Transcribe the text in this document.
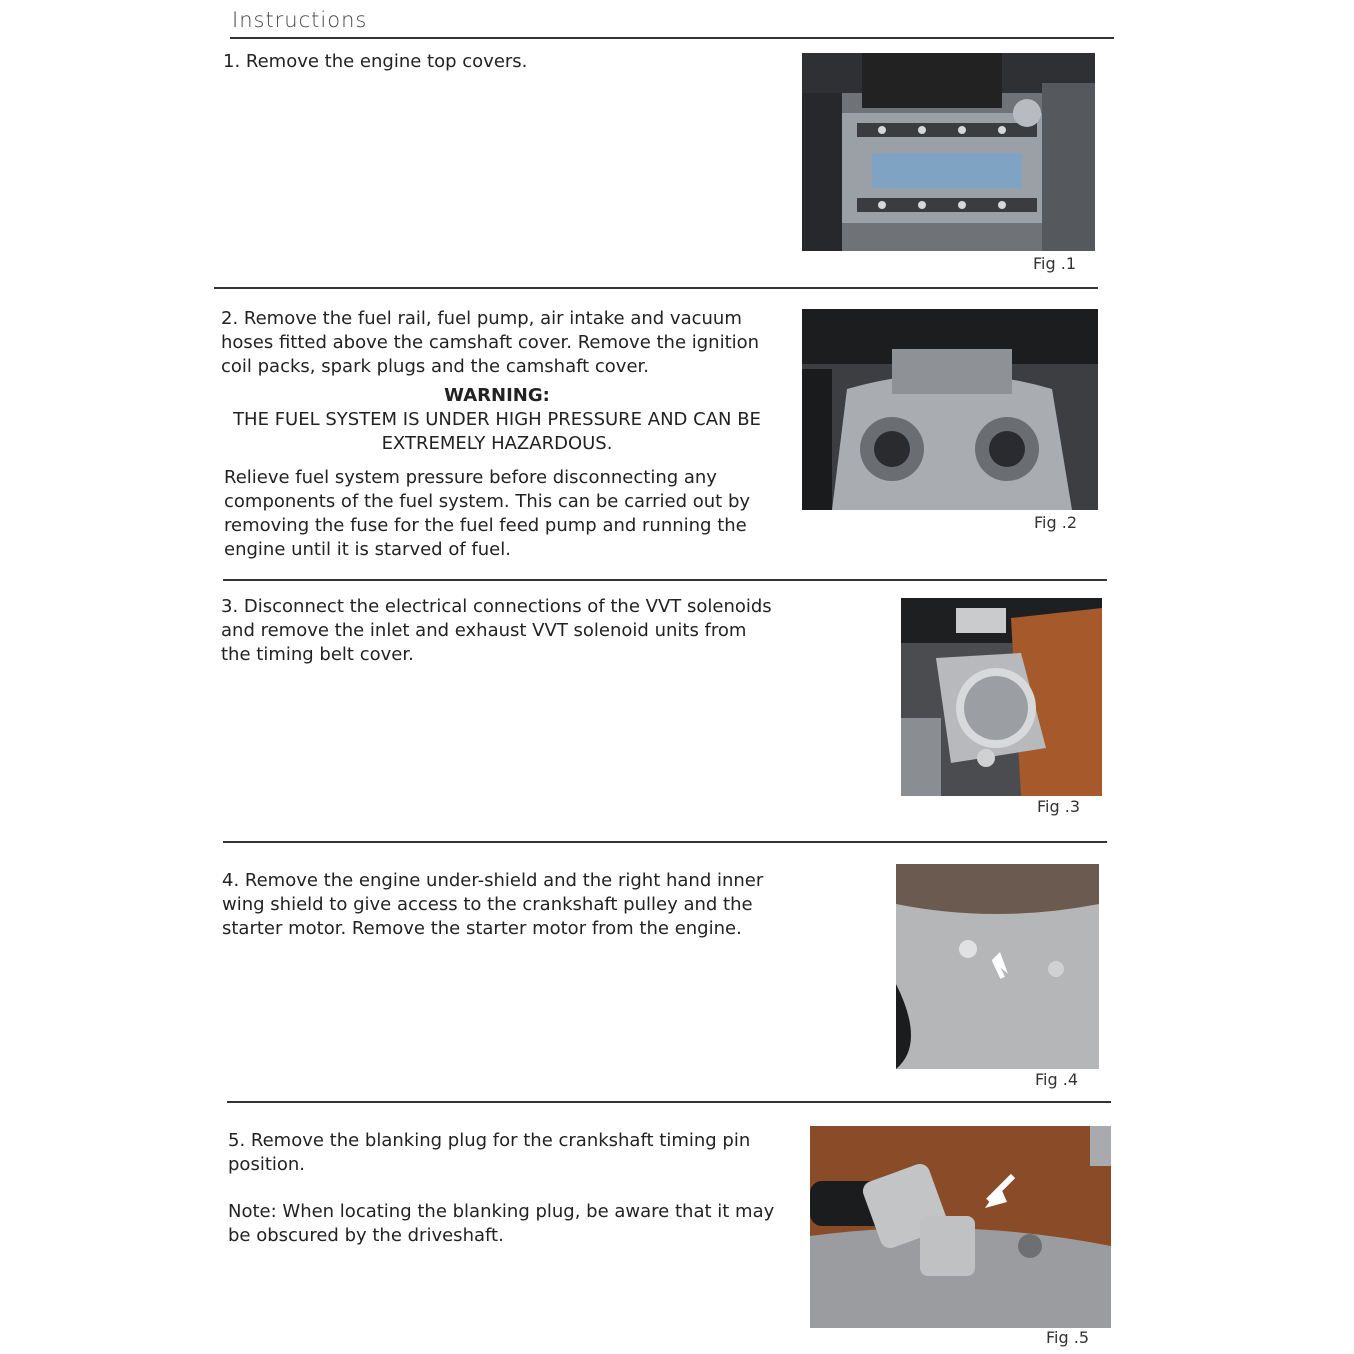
Instructions
1. Remove the engine top covers.
Fig .1
2. Remove the fuel rail, fuel pump, air intake and vacuum hoses fitted above the camshaft cover. Remove the ignition coil packs, spark plugs and the camshaft cover.
WARNING:
THE FUEL SYSTEM IS UNDER HIGH PRESSURE AND CAN BE EXTREMELY HAZARDOUS.
Relieve fuel system pressure before disconnecting any components of the fuel system. This can be carried out by removing the fuse for the fuel feed pump and running the engine until it is starved of fuel.
Fig .2
3. Disconnect the electrical connections of the VVT solenoids and remove the inlet and exhaust VVT solenoid units from the timing belt cover.
Fig .3
4. Remove the engine under-shield and the right hand inner wing shield to give access to the crankshaft pulley and the starter motor. Remove the starter motor from the engine.
Fig .4
5. Remove the blanking plug for the crankshaft timing pin position.
Note: When locating the blanking plug, be aware that it may be obscured by the driveshaft.
Fig .5
